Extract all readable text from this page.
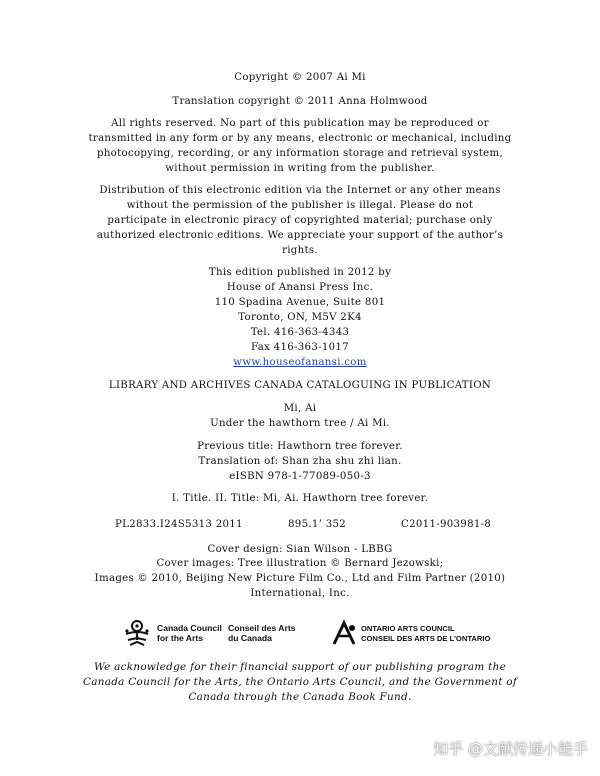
Copyright © 2007 Ai Mi
Translation copyright © 2011 Anna Holmwood
All rights reserved. No part of this publication may be reproduced or
transmitted in any form or by any means, electronic or mechanical, including
photocopying, recording, or any information storage and retrieval system,
without permission in writing from the publisher.
Distribution of this electronic edition via the Internet or any other means
without the permission of the publisher is illegal. Please do not
participate in electronic piracy of copyrighted material; purchase only
authorized electronic editions. We appreciate your support of the author’s
rights.
This edition published in 2012 by
House of Anansi Press Inc.
110 Spadina Avenue, Suite 801
Toronto, ON, M5V 2K4
Tel. 416-363-4343
Fax 416-363-1017
www.houseofanansi.com
LIBRARY AND ARCHIVES CANADA CATALOGUING IN PUBLICATION
Mi, Ai
Under the hawthorn tree / Ai Mi.
Previous title: Hawthorn tree forever.
Translation of: Shan zha shu zhi lian.
eISBN 978-1-77089-050-3
I. Title. II. Title: Mi, Ai. Hawthorn tree forever.
PL2833.I24S5313 2011	895.1’ 352	C2011-903981-8
Cover design: Sian Wilson - LBBG
Cover images: Tree illustration © Bernard Jezowski;
Images © 2010, Beijing New Picture Film Co., Ltd and Film Partner (2010)
International, Inc.
Canada Council
for the Arts
Conseil des Arts
du Canada
ONTARIO ARTS COUNCIL
CONSEIL DES ARTS DE L’ONTARIO
We acknowledge for their financial support of our publishing program the
Canada Council for the Arts, the Ontario Arts Council, and the Government of
Canada through the Canada Book Fund.
知乎 @文献传递小能手
